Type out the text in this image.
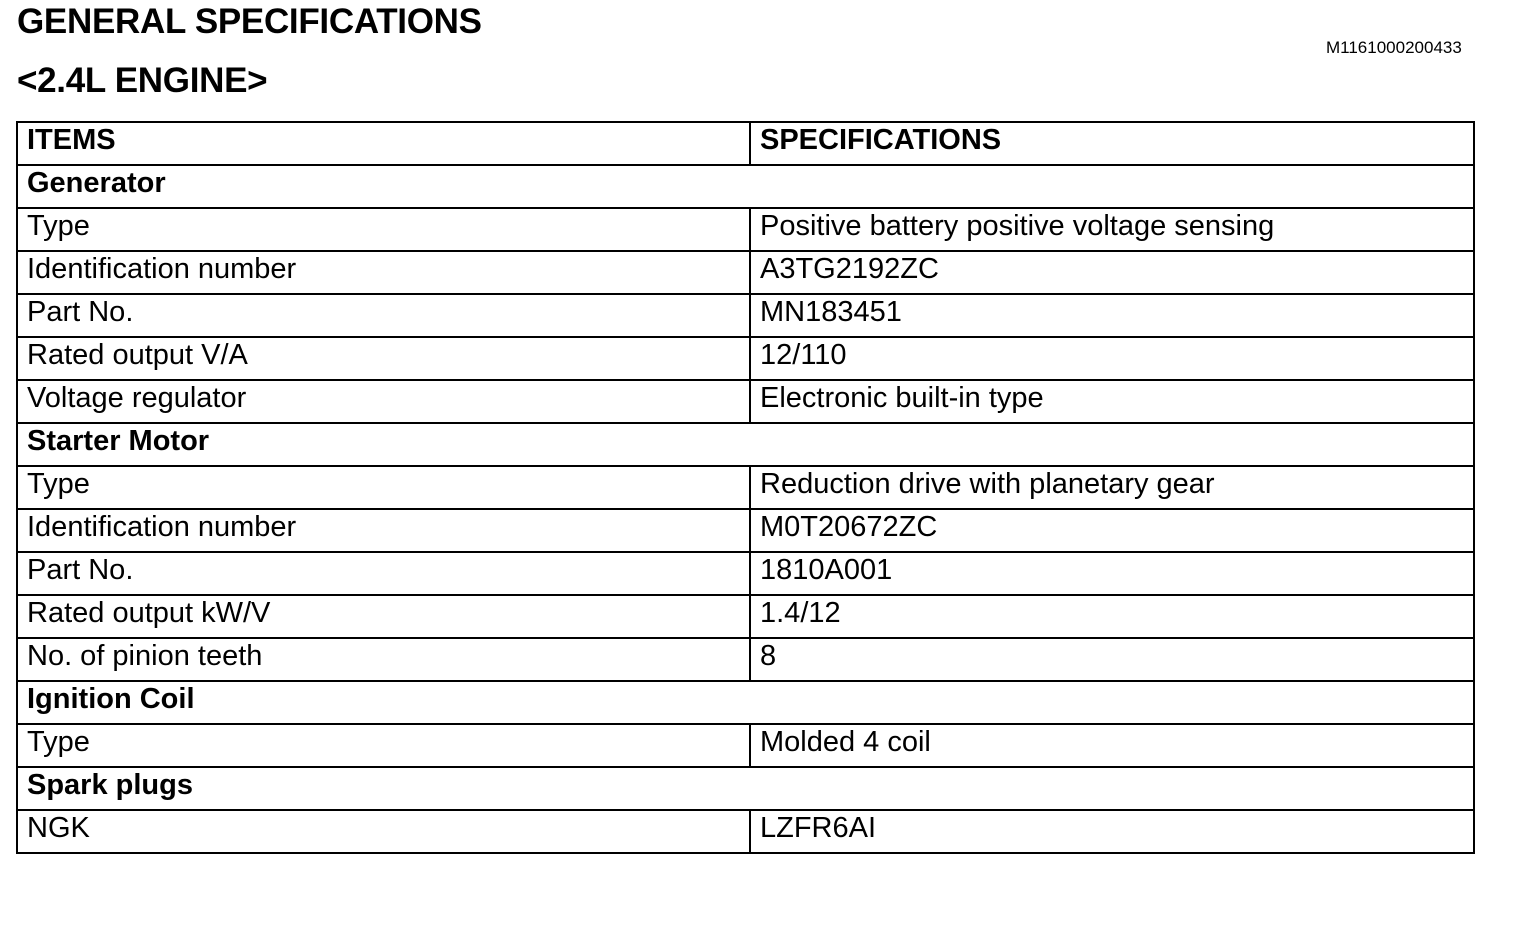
GENERAL SPECIFICATIONS
<2.4L ENGINE>
M1161000200433
ITEMS	SPECIFICATIONS
Generator	
Type	Positive battery positive voltage sensing
Identification number	A3TG2192ZC
Part No.	MN183451
Rated output V/A	12/110
Voltage regulator	Electronic built-in type
Starter Motor	
Type	Reduction drive with planetary gear
Identification number	M0T20672ZC
Part No.	1810A001
Rated output kW/V	1.4/12
No. of pinion teeth	8
Ignition Coil	
Type	Molded 4 coil
Spark plugs	
NGK	LZFR6AI
